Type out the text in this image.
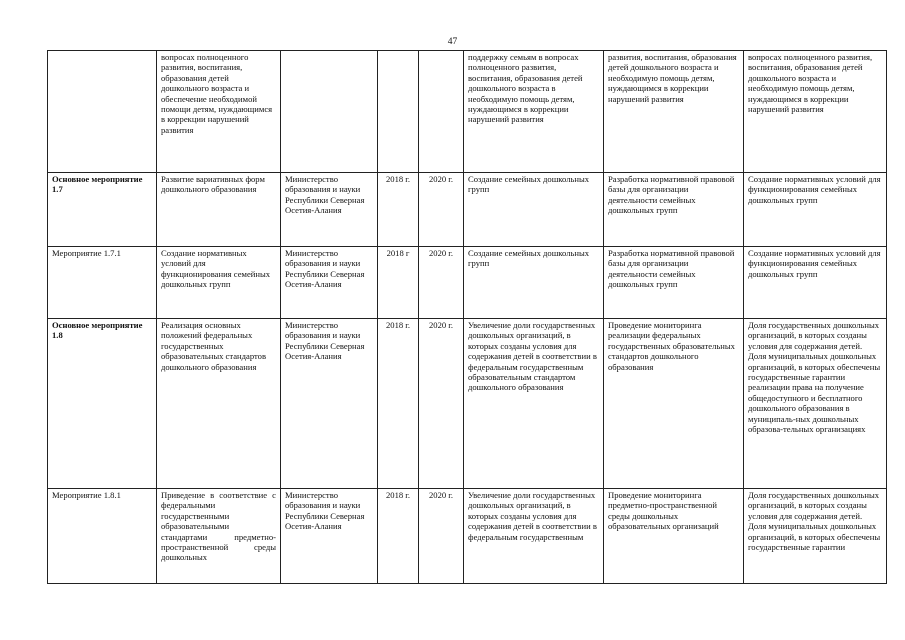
47
	вопросах полноценного развития, воспитания, образования детей дошкольного возраста и обеспечение необходимой помощи детям, нуждающимся в коррекции нарушений развития				поддержку семьям в вопросах полноценного развития, воспитания, образования детей дошкольного возраста в необходимую помощь детям, нуждающимся в коррекции нарушений развития	развития, воспитания, образования детей дошкольного возраста и необходимую помощь детям, нуждающимся в коррекции нарушений развития	вопросах полноценного развития, воспитания, образования детей дошкольного возраста и необходимую помощь детям, нуждающимся в коррекции нарушений развития
Основное мероприятие 1.7	Развитие вариативных форм дошкольного образования	Министерство образования и науки Республики Северная Осетия-Алания	2018 г.	2020 г.	Создание семейных дошкольных групп	Разработка нормативной правовой базы для организации деятельности семейных дошкольных групп	Создание нормативных условий для функционирования семейных дошкольных групп
Мероприятие 1.7.1	Создание нормативных условий для функционирования семейных дошкольных групп	Министерство образования и науки Республики Северная Осетия-Алания	2018 г	2020 г.	Создание семейных дошкольных групп	Разработка нормативной правовой базы для организации деятельности семейных дошкольных групп	Создание нормативных условий для функционирования семейных дошкольных групп
Основное мероприятие 1.8	Реализация основных положений федеральных государственных образовательных стандартов дошкольного образования	Министерство образования и науки Республики Северная Осетия-Алания	2018 г.	2020 г.	Увеличение доли государственных дошкольных организаций, в которых созданы условия для содержания детей в соответствии в федеральным государственным образовательным стандартом дошкольного образования	Проведение мониторинга реализации федеральных государственных образовательных стандартов дошкольного образования	Доля государственных дошкольных организаций, в которых созданы условия для содержания детей. Доля муниципальных дошкольных организаций, в которых обеспечены государственные гарантии реализации права на получение общедоступного и бесплатного дошкольного образования в муниципаль-ных дошкольных образова-тельных организациях
Мероприятие 1.8.1	Приведение в соответствие с федеральными государственными образовательными стандартами предметно-пространственной среды дошкольных	Министерство образования и науки Республики Северная Осетия-Алания	2018 г.	2020 г.	Увеличение доли государственных дошкольных организаций, в которых созданы условия для содержания детей в соответствии в федеральным государственным	Проведение мониторинга предметно-пространственной среды дошкольных образовательных организаций	Доля государственных дошкольных организаций, в которых созданы условия для содержания детей. Доля муниципальных дошкольных организаций, в которых обеспечены государственные гарантии
